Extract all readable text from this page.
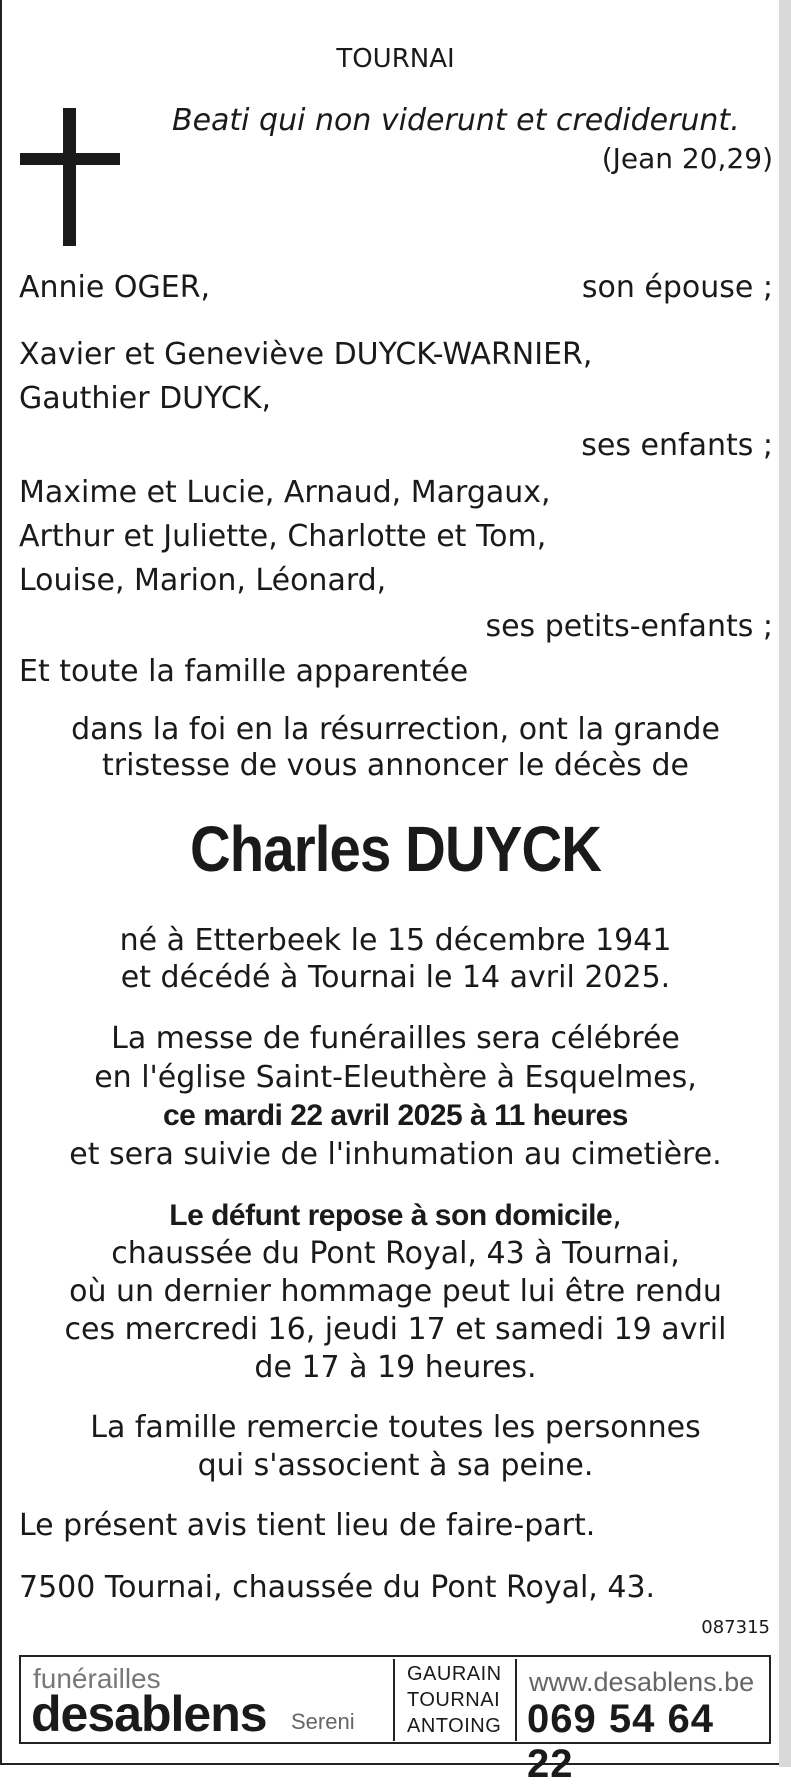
TOURNAI
Beati qui non viderunt et crediderunt.
(Jean 20,29)
Annie OGER,	son épouse ;
Xavier et Geneviève DUYCK-WARNIER,
Gauthier DUYCK,
ses enfants ;
Maxime et Lucie, Arnaud, Margaux,
Arthur et Juliette, Charlotte et Tom,
Louise, Marion, Léonard,
ses petits-enfants ;
Et toute la famille apparentée
dans la foi en la résurrection, ont la grande
tristesse de vous annoncer le décès de
Charles DUYCK
né à Etterbeek le 15 décembre 1941
et décédé à Tournai le 14 avril 2025.
La messe de funérailles sera célébrée
en l'église Saint-Eleuthère à Esquelmes,
ce mardi 22 avril 2025 à 11 heures
et sera suivie de l'inhumation au cimetière.
Le défunt repose à son domicile,
chaussée du Pont Royal, 43 à Tournai,
où un dernier hommage peut lui être rendu
ces mercredi 16, jeudi 17 et samedi 19 avril
de 17 à 19 heures.
La famille remercie toutes les personnes
qui s'associent à sa peine.
Le présent avis tient lieu de faire-part.
7500 Tournai, chaussée du Pont Royal, 43.
087315
funérailles
desablens Sereni
GAURAIN
TOURNAI
ANTOING
www.desablens.be
069 54 64 22
